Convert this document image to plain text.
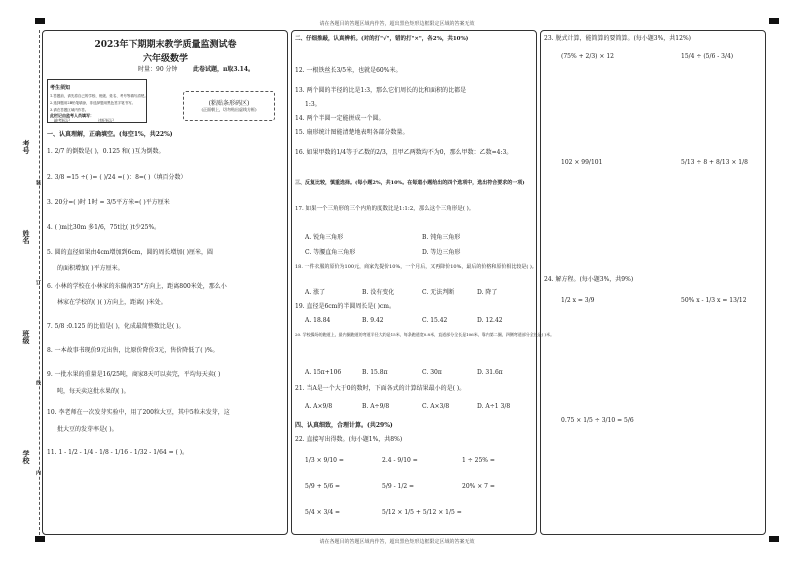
请在各题目的答题区域内作答，超出黑色矩形边框限定区域的答案无效
请在各题目的答题区域内作答，超出黑色矩形边框限定区域的答案无效
考号
姓名
班级
学校
装
订
线
内
2023年下期期末教学质量监测试卷
六年级数学
时量：90 分钟	此卷试题，π取3.14。
考生须知
1.答题前，请先将自己的学校、班级、姓名、考号等填写清楚。
2.选择题用2B铅笔填涂，非选择题用黑色签字笔书写。
3.请在答题区域内作答。
此栏记由监考人员填写：
缺考标记	违纪标记
(粘贴条形码区)
(正面朝上，切勿贴出虚线方框)
一、认真理解，正确填空。(每空1%，共22%)
1. 2/7 的倒数是( )，0.125 和( )互为倒数。
2. 3/8 =15 ÷( )= ( )/24 =( )：8=( )（填百分数）
3. 20分=( )时 1时 = 3/5平方米=( )平方厘米
4. ( )m比30m 多1/6，75t比( )t少25%。
5. 圆的直径如果由4cm增加到6cm，圆的周长增加( )厘米，圆
的面积增加( )平方厘米。
6. 小林的学校在小林家的东偏南35°方向上，距离800米处，那么小
林家在学校的( )( )方向上，距离( )米处。
7. 5/8 :0.125 的比值是( )，化成最简整数比是( )。
8. 一本故事书现价9元出售，比原价降价3元，售价降低了( )%。
9. 一批水果的重量是16/25吨，商家8天可以卖完，平均每天卖( )
吨，每天卖这批水果的( )。
10. 李老师在一次发芽实验中，用了200粒大豆，其中5粒未发芽，这
批大豆的发芽率是( )。
11. 1 - 1/2 - 1/4 - 1/8 - 1/16 - 1/32 - 1/64 = ( )。
二、仔细推敲，认真辨析。(对的打"√"，错的打"×"，各2%，共10%)
12. 一根铁丝长3/5米，也就是60%米。
13. 两个圆的半径的比是1:3，那么它们周长的比和面积的比都是
1:3。
14. 两个半圆一定能拼成一个圆。
15. 扇形统计图能清楚地表明各部分数量。
16. 如果甲数的1/4等于乙数的2/3，且甲乙两数均不为0，那么甲数：乙数=4:3。
三、反复比较，慎重选择。(每小题2%，共10%。在每道小题给出的四个选项中，选出符合要求的一项)
17. 如果一个三角形的三个内角的度数比是1:1:2，那么这个三角形是( )。
A. 锐角三角形	B. 钝角三角形
C. 等腰直角三角形	D. 等边三角形
18. 一件衣服的原价为100元，商家先提价10%，一个月后，又再降价10%，最后的价格和原价相比较是( )。
A. 涨了	B. 没有变化	C. 无法判断	D. 降了
19. 直径是6cm的半圆周长是( )cm。
A. 18.84	B. 9.42	C. 15.42	D. 12.42
20. 学校操场的跑道上，最内圈跑道的弯道半径大约是15米，每条跑道宽0.8米，直道部分全长是106米，靠内第二圈，四侧弯道部分全长是( )米。
A. 15π+106	B. 15.8π	C. 30π	D. 31.6π
21. 当A是一个大于0的数时，下面各式的计算结果最小的是( )。
A. A×9/8	B. A÷9/8	C. A×3/8	D. A÷1 3/8
四、认真细致，合理计算。(共29%)
22. 直接写出得数。(每小题1%，共8%)
1/3 × 9/10 =	2.4 - 9/10 =	1 ÷ 25% =
5/9 + 5/6 =	5/9 - 1/2 =	20% × 7 =
5/4 × 3/4 =	5/12 × 1/5 + 5/12 × 1/5 =
23. 脱式计算，能简算的要简算。(每小题3%，共12%)
(75% + 2/3) × 12	15/4 ÷ (5/6 - 3/4)
102 × 99/101	5/13 ÷ 8 + 8/13 × 1/8
24. 解方程。(每小题3%，共9%)
1/2 x = 3/9	50% x - 1/3 x = 13/12
0.75 × 1/5 ÷ 3/10 = 5/6
